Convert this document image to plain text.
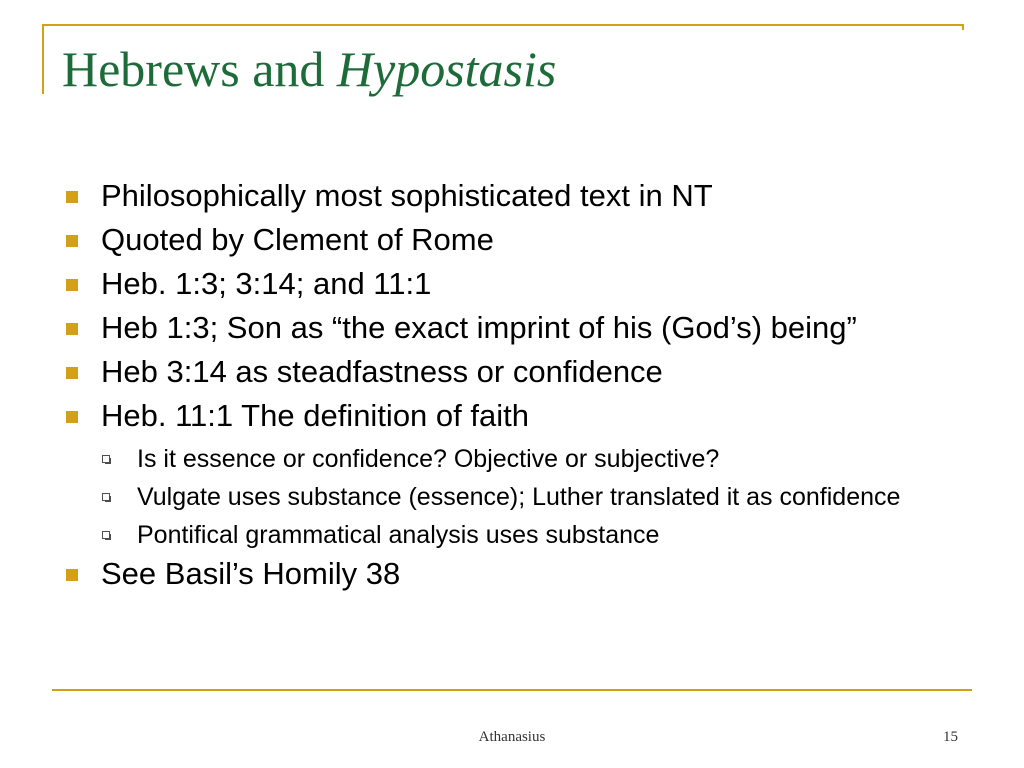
Hebrews and Hypostasis
Philosophically most sophisticated text in NT
Quoted by Clement of Rome
Heb. 1:3; 3:14; and 11:1
Heb 1:3; Son as “the exact imprint of his (God’s) being”
Heb 3:14 as steadfastness or confidence
Heb. 11:1 The definition of faith
Is it essence or confidence? Objective or subjective?
Vulgate uses substance (essence); Luther translated it as confidence
Pontifical grammatical analysis uses substance
See Basil’s Homily 38
Athanasius	15
